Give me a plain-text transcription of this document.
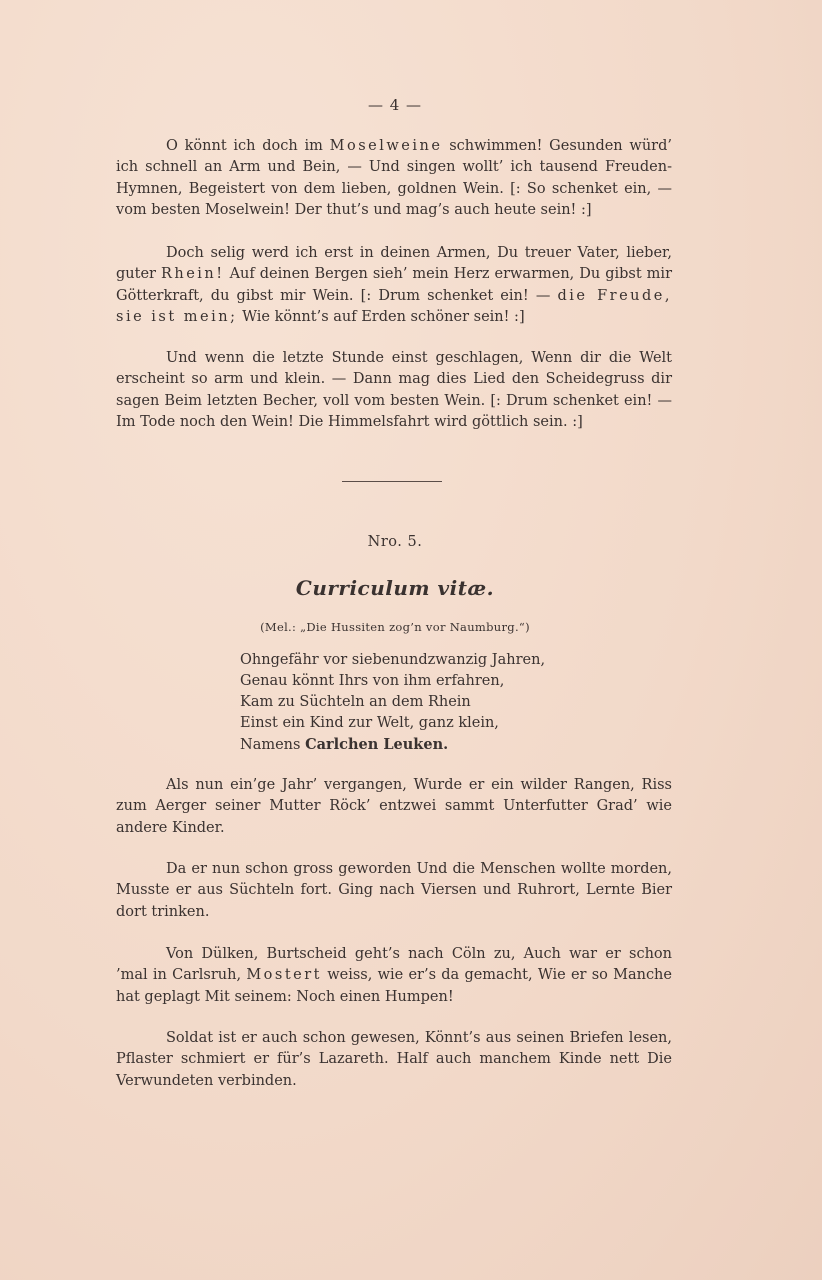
— 4 —

O könnt ich doch im Moselweine schwimmen! Gesunden würd’ ich schnell an Arm und Bein, — Und singen wollt’ ich tausend Freuden-Hymnen, Begeistert von dem lieben, goldnen Wein. [: So schenket ein, — vom besten Moselwein! Der thut’s und mag’s auch heute sein! :]

Doch selig werd ich erst in deinen Armen, Du treuer Vater, lieber, guter Rhein! Auf deinen Bergen sieh’ mein Herz erwarmen, Du gibst mir Götterkraft, du gibst mir Wein. [: Drum schenket ein! — die Freude, sie ist mein; Wie könnt’s auf Erden schöner sein! :]

Und wenn die letzte Stunde einst geschlagen, Wenn dir die Welt erscheint so arm und klein. — Dann mag dies Lied den Scheidegruss dir sagen Beim letzten Becher, voll vom besten Wein. [: Drum schenket ein! — Im Tode noch den Wein! Die Himmelsfahrt wird göttlich sein. :]

Nro. 5.
Curriculum vitæ.
(Mel.: „Die Hussiten zog’n vor Naumburg.“)
Ohngefähr vor siebenundzwanzig Jahren,
Genau könnt Ihrs von ihm erfahren,
Kam zu Süchteln an dem Rhein
Einst ein Kind zur Welt, ganz klein,
Namens Carlchen Leuken.

Als nun ein’ge Jahr’ vergangen, Wurde er ein wilder Rangen, Riss zum Aerger seiner Mutter Röck’ entzwei sammt Unterfutter Grad’ wie andere Kinder.

Da er nun schon gross geworden Und die Menschen wollte morden, Musste er aus Süchteln fort. Ging nach Viersen und Ruhrort, Lernte Bier dort trinken.

Von Dülken, Burtscheid geht’s nach Cöln zu, Auch war er schon ’mal in Carlsruh, Mostert weiss, wie er’s da gemacht, Wie er so Manche hat geplagt Mit seinem: Noch einen Humpen!

Soldat ist er auch schon gewesen, Könnt’s aus seinen Briefen lesen, Pflaster schmiert er für’s Lazareth. Half auch manchem Kinde nett Die Verwundeten verbinden.
